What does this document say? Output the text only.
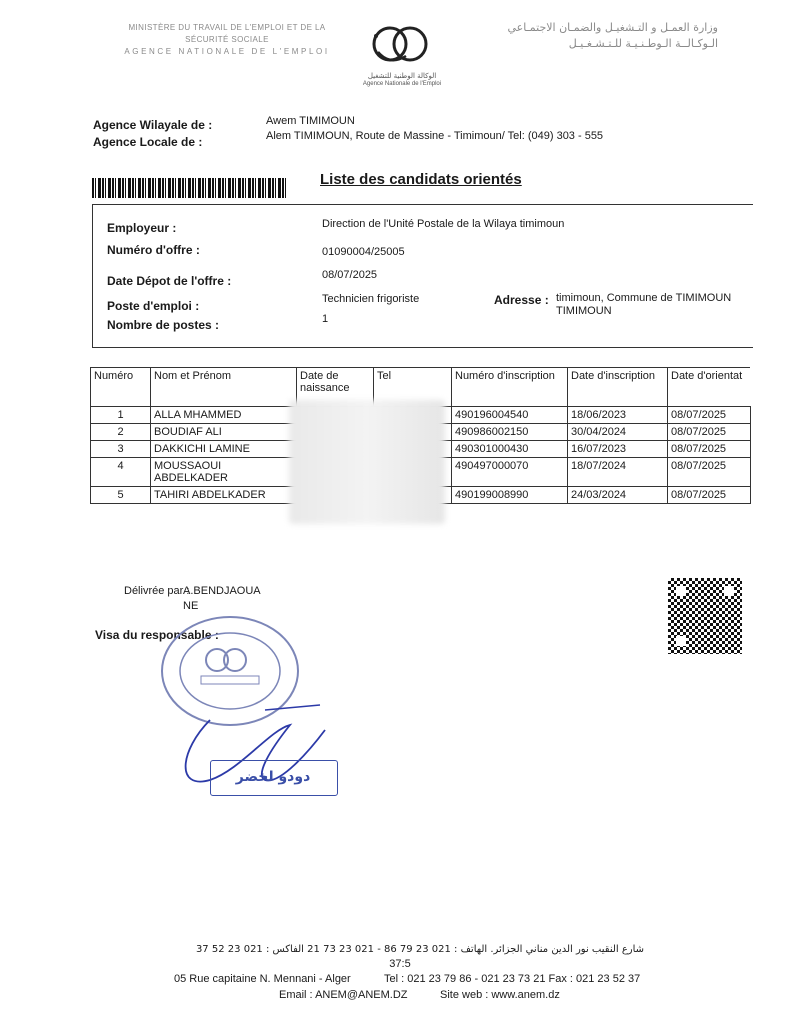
MINISTÈRE DU TRAVAIL DE L'EMPLOI ET DE LA SÉCURITÉ SOCIALE
AGENCE NATIONALE DE L'EMPLOI
الوكالة الوطنية للتشغيل
Agence Nationale de l'Emploi
وزارة العمـل و التـشغيـل والضمـان الاجتمـاعي
الـوكـالــة الـوطـنـيـة للـتـشـغـيـل
Agence Wilayale de :	Awem TIMIMOUN
Agence Locale de :	Alem TIMIMOUN, Route de Massine - Timimoun/ Tel: (049) 303 - 555
Liste des candidats orientés
Employeur :	Direction de l'Unité Postale de la Wilaya timimoun
Numéro d'offre :	01090004/25005
Date Dépot de l'offre :	08/07/2025
Poste d'emploi :	Technicien frigoriste	Adresse : timimoun, Commune de TIMIMOUN
TIMIMOUN
Nombre de postes :	1
Numéro	Nom et Prénom	Date de naissance	Tel	Numéro d'inscription	Date d'inscription	Date d'orientat
1	ALLA MHAMMED			490196004540	18/06/2023	08/07/2025
2	BOUDIAF ALI			490986002150	30/04/2024	08/07/2025
3	DAKKICHI LAMINE			490301000430	16/07/2023	08/07/2025
4	MOUSSAOUI ABDELKADER			490497000070	18/07/2024	08/07/2025
5	TAHIRI ABDELKADER			490199008990	24/03/2024	08/07/2025
Délivrée par :
A.BENDJAOUA
NE
Visa du responsable :
دودو لخضر
شارع النقيب نور الدين مناني الجزائر. الهاتف : 021 23 79 86 - 021 23 73 21 الفاكس : 021 23 52 37
37:5
05 Rue capitaine N. Mennani - Alger	Tel : 021 23 79 86 - 021 23 73 21 Fax : 021 23 52 37
Email : ANEM@ANEM.DZ	Site web : www.anem.dz
